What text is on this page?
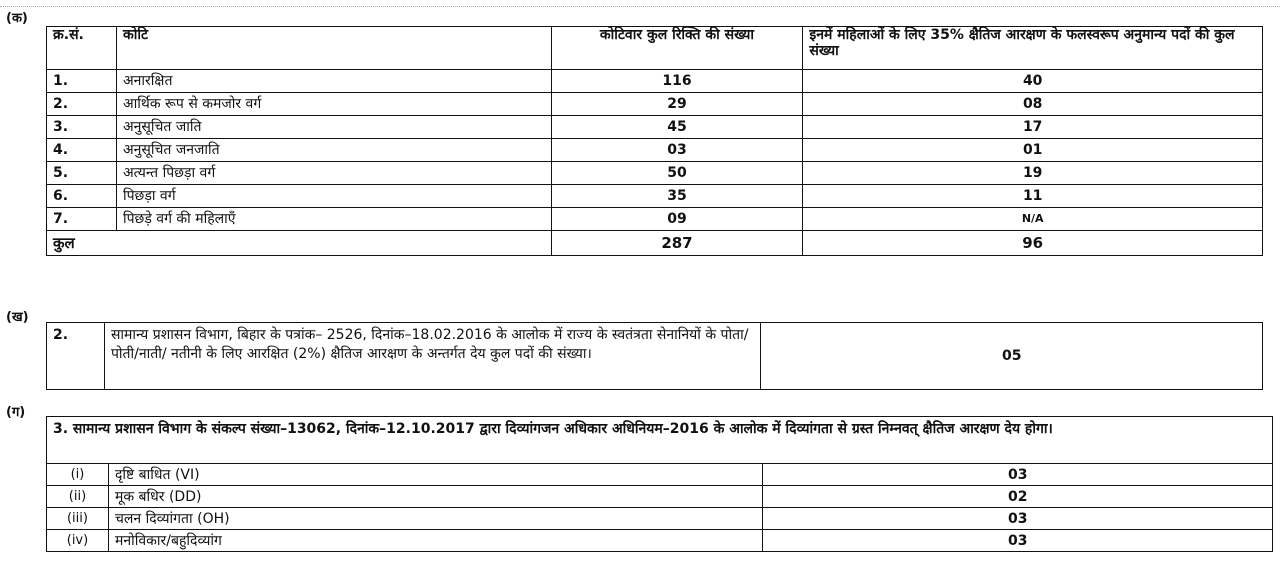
(क)
क्र.सं.	कोटि	कोटिवार कुल रिक्ति की संख्या	इनमें महिलाओं के लिए 35% क्षैतिज आरक्षण के फलस्वरूप अनुमान्य पदों की कुल संख्या
1.	अनारक्षित	116	40
2.	आर्थिक रूप से कमजोर वर्ग	29	08
3.	अनुसूचित जाति	45	17
4.	अनुसूचित जनजाति	03	01
5.	अत्यन्त पिछड़ा वर्ग	50	19
6.	पिछड़ा वर्ग	35	11
7.	पिछड़े वर्ग की महिलाएँ	09	N/A
कुल		287	96
(ख)
2.	सामान्य प्रशासन विभाग, बिहार के पत्रांक– 2526, दिनांक–18.02.2016 के आलोक में राज्य के स्वतंत्रता सेनानियों के पोता/पोती/नाती/ नतीनी के लिए आरक्षित (2%) क्षैतिज आरक्षण के अन्तर्गत देय कुल पदों की संख्या।	05
(ग)
3. सामान्य प्रशासन विभाग के संकल्प संख्या–13062, दिनांक–12.10.2017 द्वारा दिव्यांगजन अधिकार अधिनियम–2016 के आलोक में दिव्यांगता से ग्रस्त निम्नवत् क्षैतिज आरक्षण देय होगा।		
(i)	दृष्टि बाधित (VI)	03
(ii)	मूक बधिर (DD)	02
(iii)	चलन दिव्यांगता (OH)	03
(iv)	मनोविकार/बहुदिव्यांग	03
